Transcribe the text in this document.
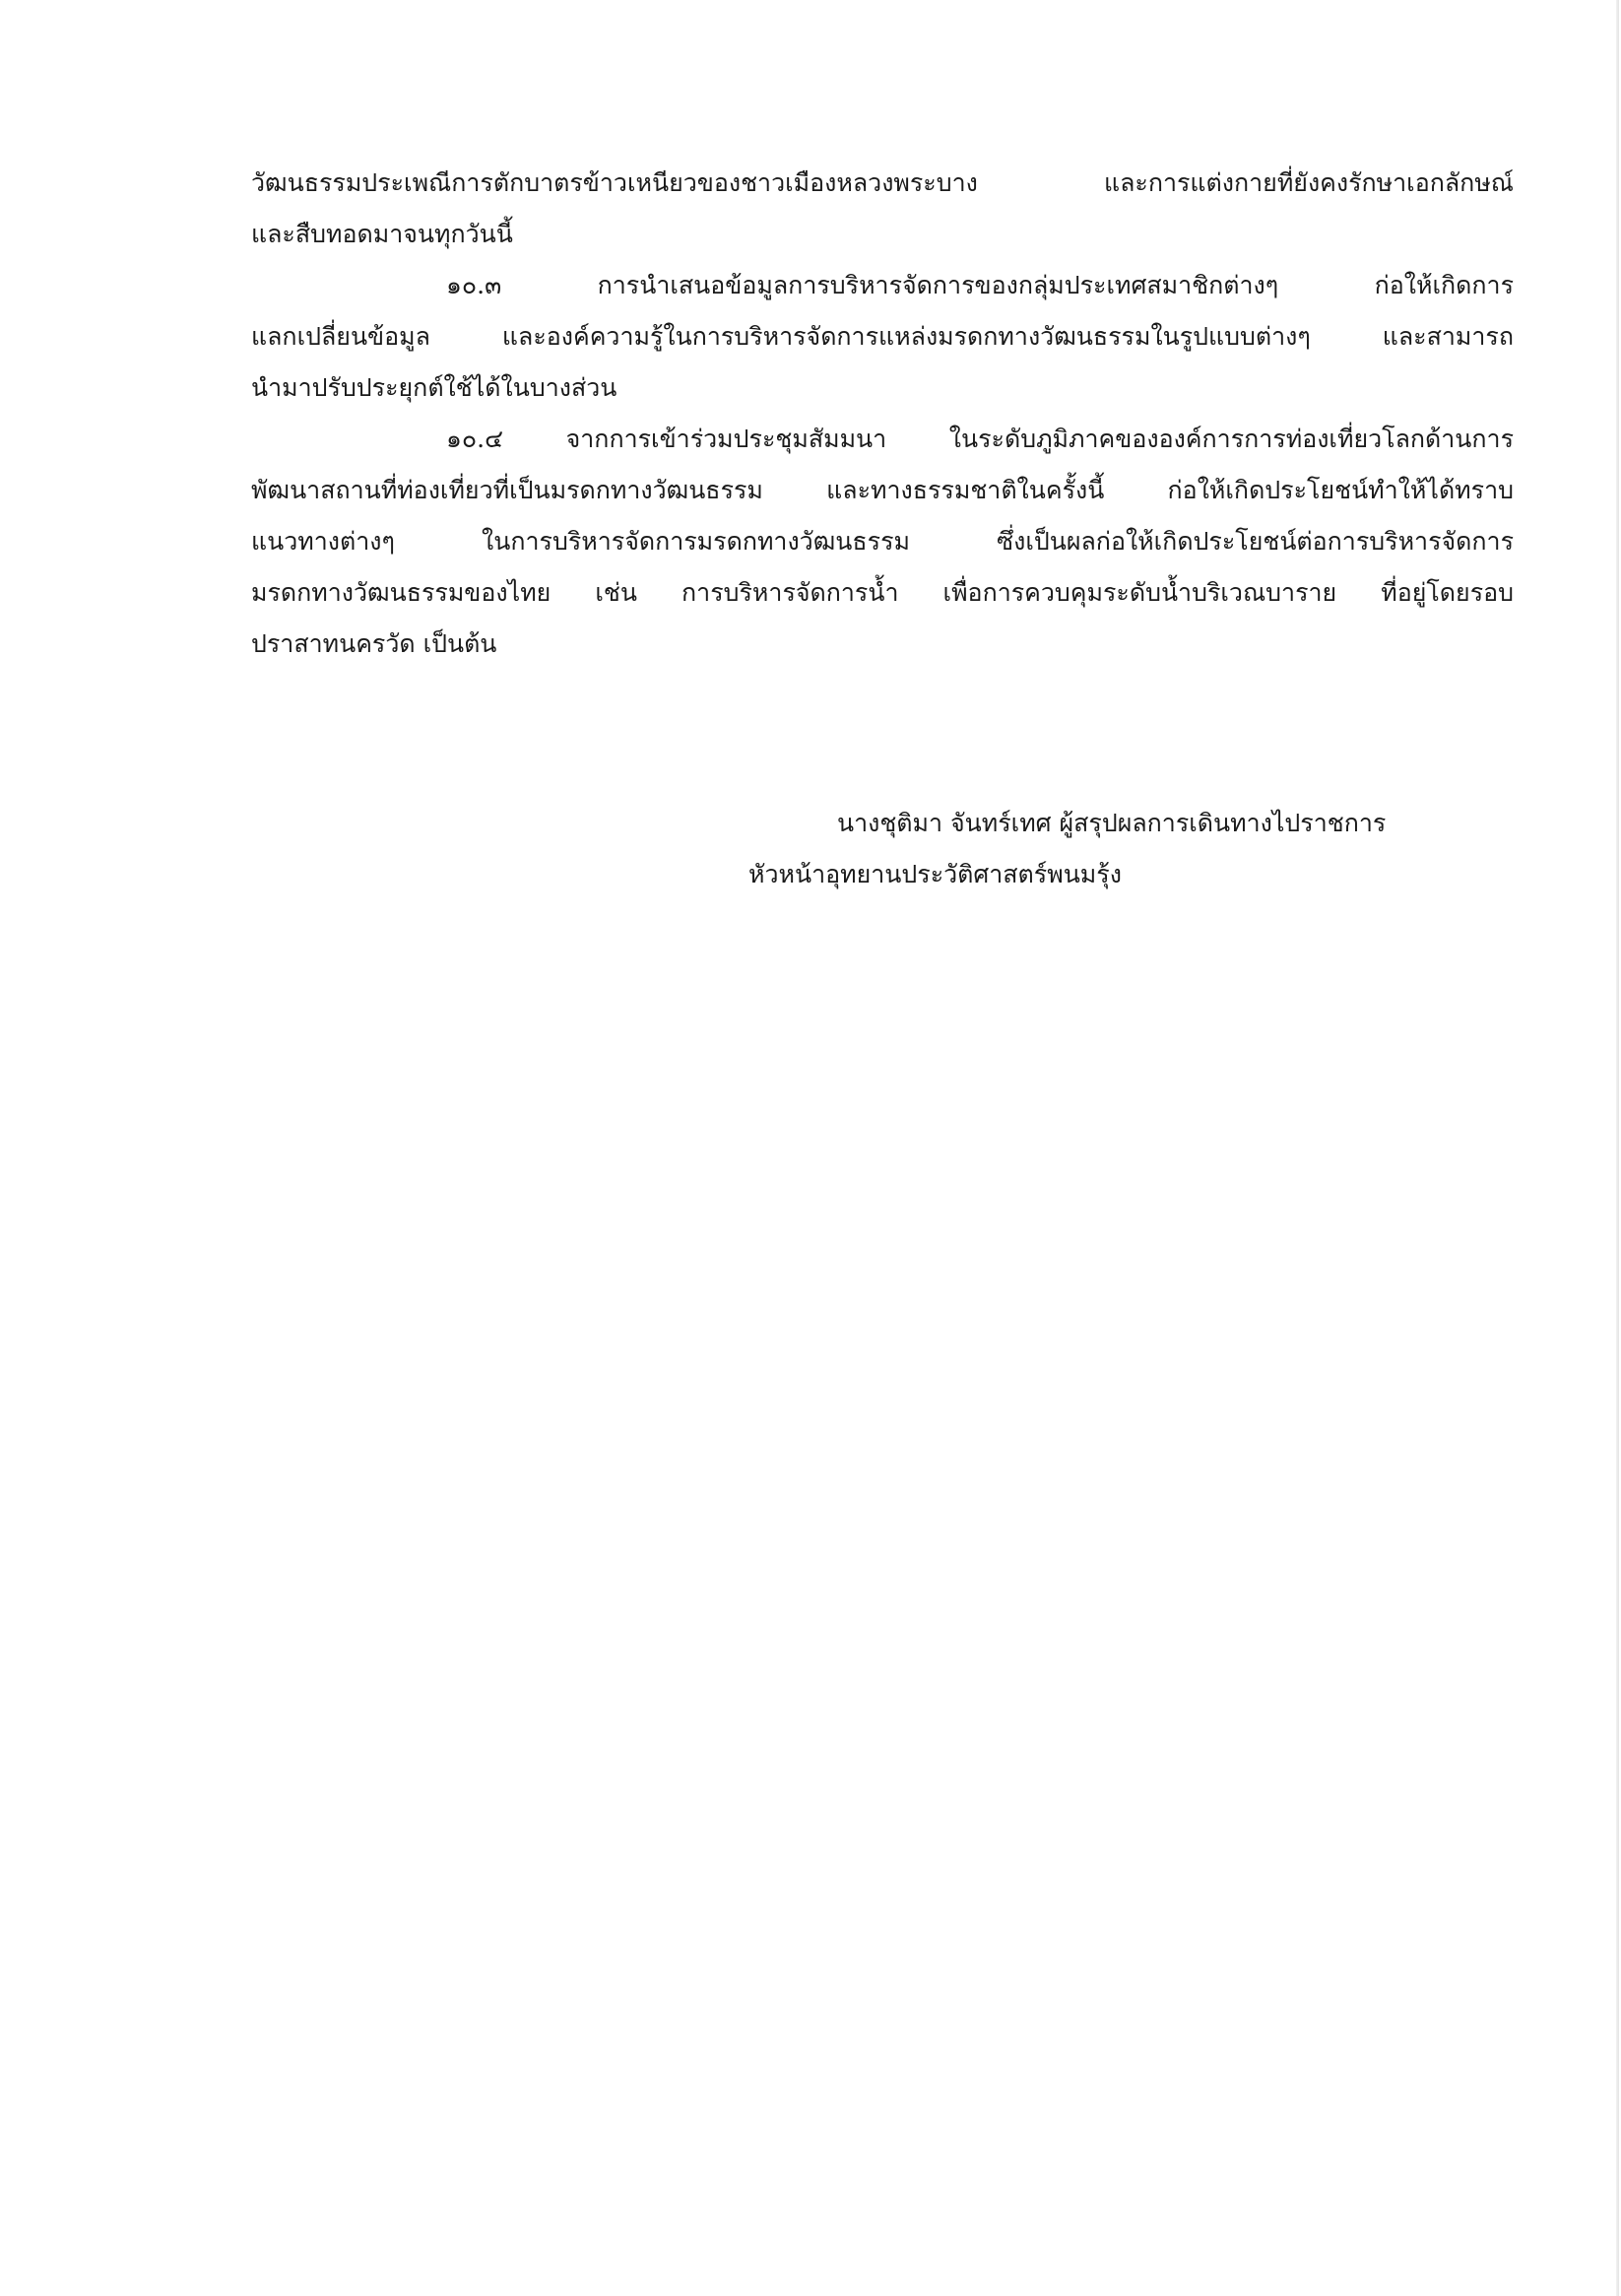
วัฒนธรรมประเพณีการตักบาตรข้าวเหนียวของชาวเมืองหลวงพระบาง และการแต่งกายที่ยังคงรักษาเอกลักษณ์
และสืบทอดมาจนทุกวันนี้
๑๐.๓ การนำเสนอข้อมูลการบริหารจัดการของกลุ่มประเทศสมาชิกต่างๆ ก่อให้เกิดการ
แลกเปลี่ยนข้อมูล และองค์ความรู้ในการบริหารจัดการแหล่งมรดกทางวัฒนธรรมในรูปแบบต่างๆ และสามารถ
นำมาปรับประยุกต์ใช้ได้ในบางส่วน
๑๐.๔ จากการเข้าร่วมประชุมสัมมนา ในระดับภูมิภาคขององค์การการท่องเที่ยวโลกด้านการ
พัฒนาสถานที่ท่องเที่ยวที่เป็นมรดกทางวัฒนธรรม และทางธรรมชาติในครั้งนี้ ก่อให้เกิดประโยชน์ทำให้ได้ทราบ
แนวทางต่างๆ ในการบริหารจัดการมรดกทางวัฒนธรรม ซึ่งเป็นผลก่อให้เกิดประโยชน์ต่อการบริหารจัดการ
มรดกทางวัฒนธรรมของไทย เช่น การบริหารจัดการน้ำ เพื่อการควบคุมระดับน้ำบริเวณบาราย ที่อยู่โดยรอบ
ปราสาทนครวัด เป็นต้น
นางชุติมา จันทร์เทศ ผู้สรุปผลการเดินทางไปราชการ
หัวหน้าอุทยานประวัติศาสตร์พนมรุ้ง
